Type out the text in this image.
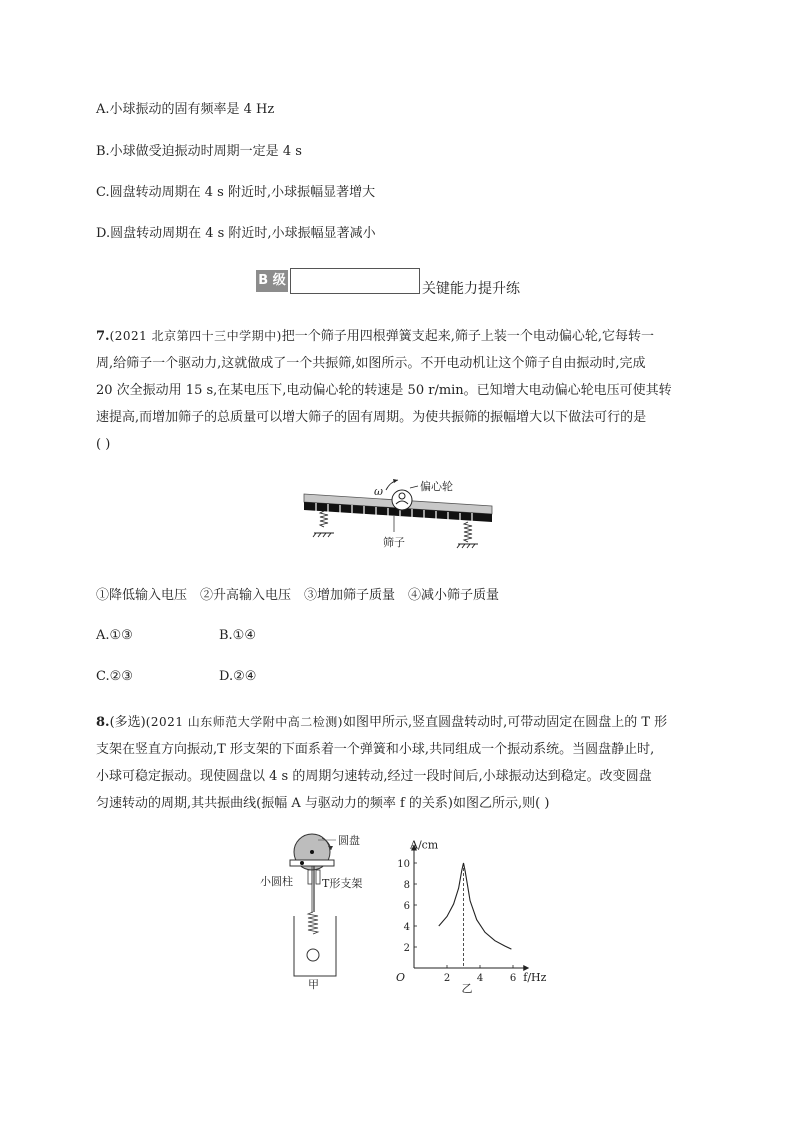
A.小球振动的固有频率是 4 Hz
B.小球做受迫振动时周期一定是 4 s
C.圆盘转动周期在 4 s 附近时,小球振幅显著增大
D.圆盘转动周期在 4 s 附近时,小球振幅显著减小
B 级
关键能力提升练
7.(2021 北京第四十三中学期中)把一个筛子用四根弹簧支起来,筛子上装一个电动偏心轮,它每转一
周,给筛子一个驱动力,这就做成了一个共振筛,如图所示。不开电动机让这个筛子自由振动时,完成
20 次全振动用 15 s,在某电压下,电动偏心轮的转速是 50 r/min。已知增大电动偏心轮电压可使其转
速提高,而增加筛子的总质量可以增大筛子的固有周期。为使共振筛的振幅增大以下做法可行的是
( )
ω	偏心轮
筛子
①降低输入电压　②升高输入电压　③增加筛子质量　④减小筛子质量
A.①③	B.①④
C.②③	D.②④
8.(多选)(2021 山东师范大学附中高二检测)如图甲所示,竖直圆盘转动时,可带动固定在圆盘上的 T 形
支架在竖直方向振动,T 形支架的下面系着一个弹簧和小球,共同组成一个振动系统。当圆盘静止时,
小球可稳定振动。现使圆盘以 4 s 的周期匀速转动,经过一段时间后,小球振动达到稳定。改变圆盘
匀速转动的周期,其共振曲线(振幅 A 与驱动力的频率 f 的关系)如图乙所示,则( )
圆盘
小圆柱	T形支架
甲
2
4
6
8
10
2	4	6
O
A/cm
f/Hz
乙
